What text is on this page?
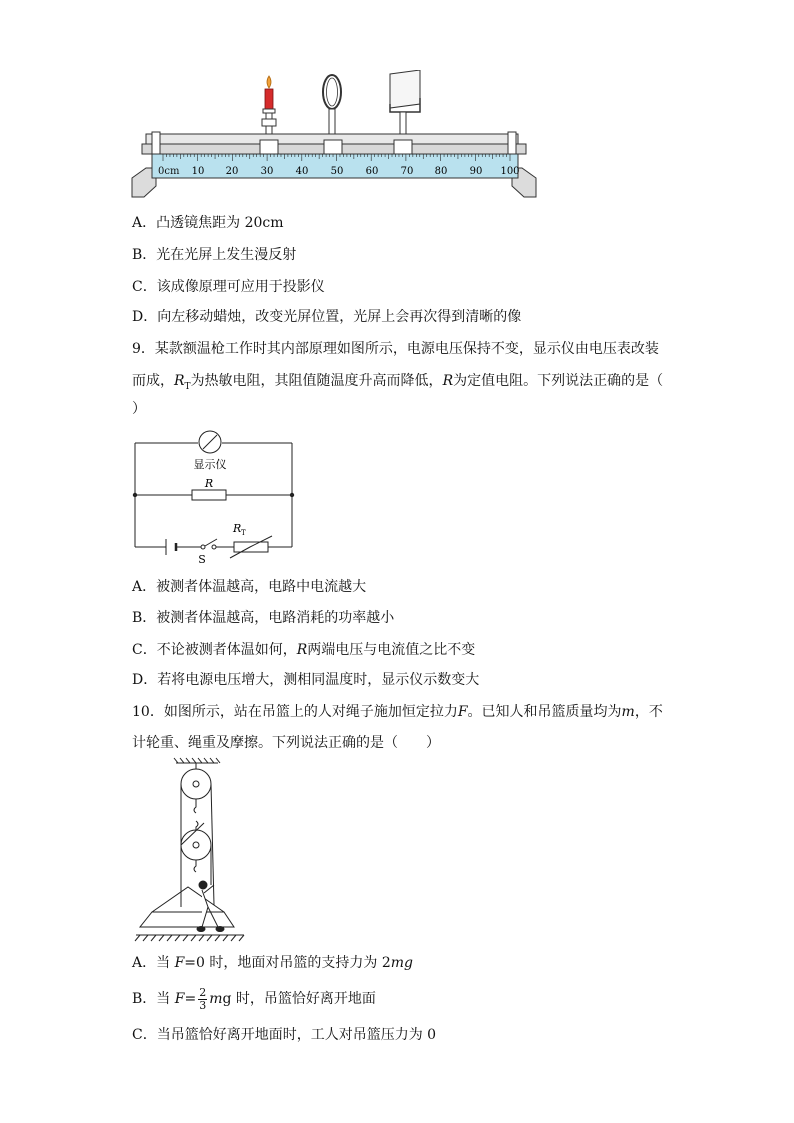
0cm 10 20 30 40 50 60 70 80 90 100
A．凸透镜焦距为 20cm
B．光在光屏上发生漫反射
C．该成像原理可应用于投影仪
D．向左移动蜡烛，改变光屏位置，光屏上会再次得到清晰的像
9．某款额温枪工作时其内部原理如图所示，电源电压保持不变，显示仪由电压表改装
而成，$R_T$为热敏电阻，其阻值随温度升高而降低，R为定值电阻。下列说法正确的是（
）
显示仪
R
R T
S
A．被测者体温越高，电路中电流越大
B．被测者体温越高，电路消耗的功率越小
C．不论被测者体温如何，R两端电压与电流值之比不变
D．若将电源电压增大，测相同温度时，显示仪示数变大
10．如图所示，站在吊篮上的人对绳子施加恒定拉力F。已知人和吊篮质量均为m，不
计轮重、绳重及摩擦。下列说法正确的是（　　）
A．当 F=0 时，地面对吊篮的支持力为 2mg
B．当 $F= \frac{2}{3}$ mg 时，吊篮恰好离开地面
C．当吊篮恰好离开地面时，工人对吊篮压力为 0
